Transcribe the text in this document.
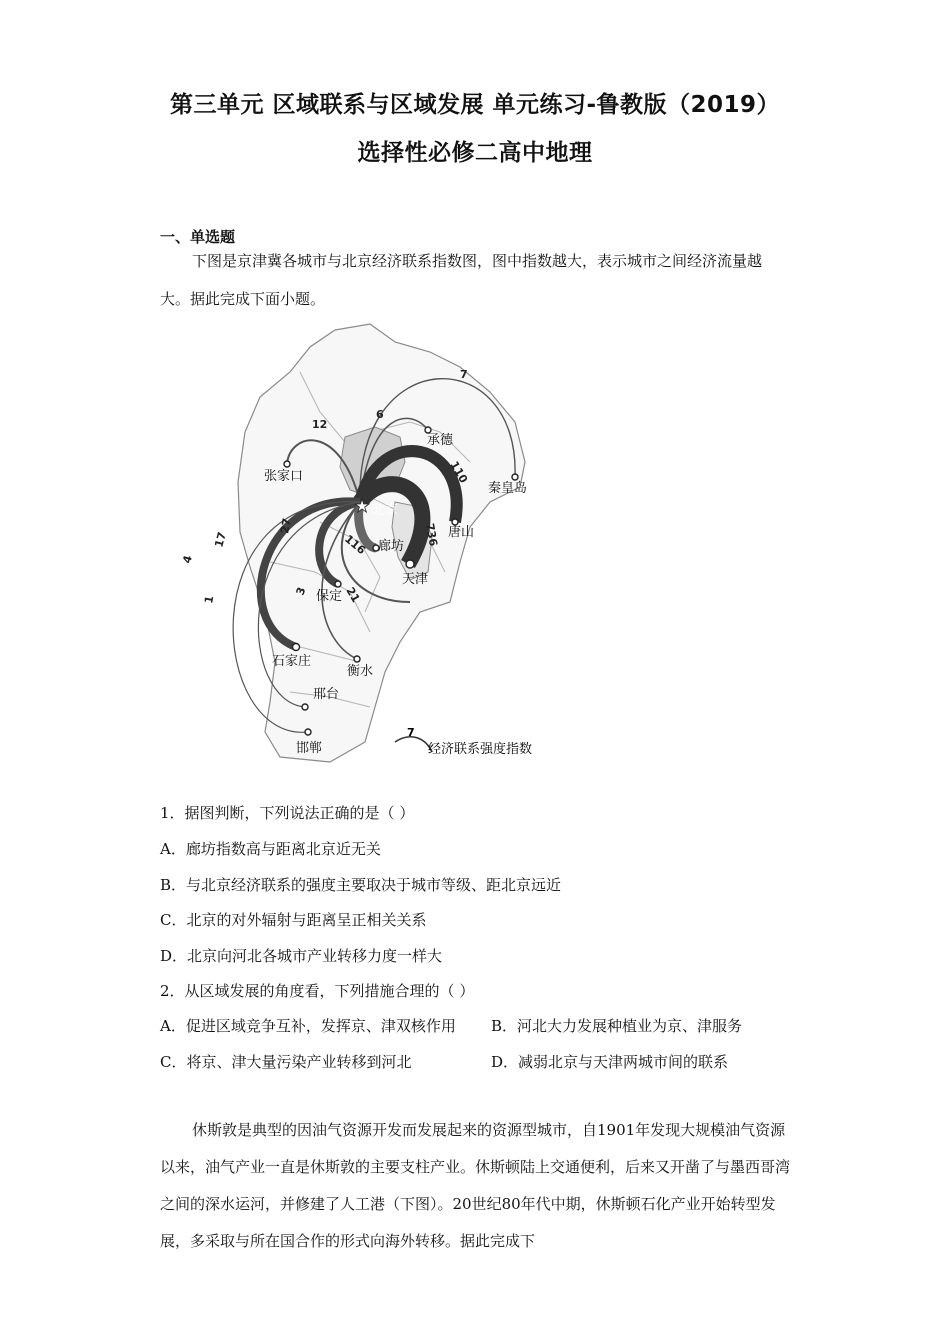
第三单元 区域联系与区域发展 单元练习-鲁教版（2019）
选择性必修二高中地理
一、单选题
下图是京津冀各城市与北京经济联系指数图，图中指数越大，表示城市之间经济流量越大。据此完成下面小题。
★ 北京
承德
秦皇岛
张家口
唐山
廊坊
天津
保定
石家庄
衡水
邢台
邯郸
7
6
12
110
736
116
27
21
17
3
1
4
7
经济联系强度指数
1．据图判断，下列说法正确的是（ ）
A．廊坊指数高与距离北京近无关
B．与北京经济联系的强度主要取决于城市等级、距北京远近
C．北京的对外辐射与距离呈正相关关系
D．北京向河北各城市产业转移力度一样大
2．从区域发展的角度看，下列措施合理的（ ）
A．促进区域竞争互补，发挥京、津双核作用 B．河北大力发展种植业为京、津服务
C．将京、津大量污染产业转移到河北	D．减弱北京与天津两城市间的联系
休斯敦是典型的因油气资源开发而发展起来的资源型城市，自1901年发现大规模油气资源以来，油气产业一直是休斯敦的主要支柱产业。休斯顿陆上交通便利，后来又开凿了与墨西哥湾之间的深水运河，并修建了人工港（下图）。20世纪80年代中期，休斯顿石化产业开始转型发展，多采取与所在国合作的形式向海外转移。据此完成下
